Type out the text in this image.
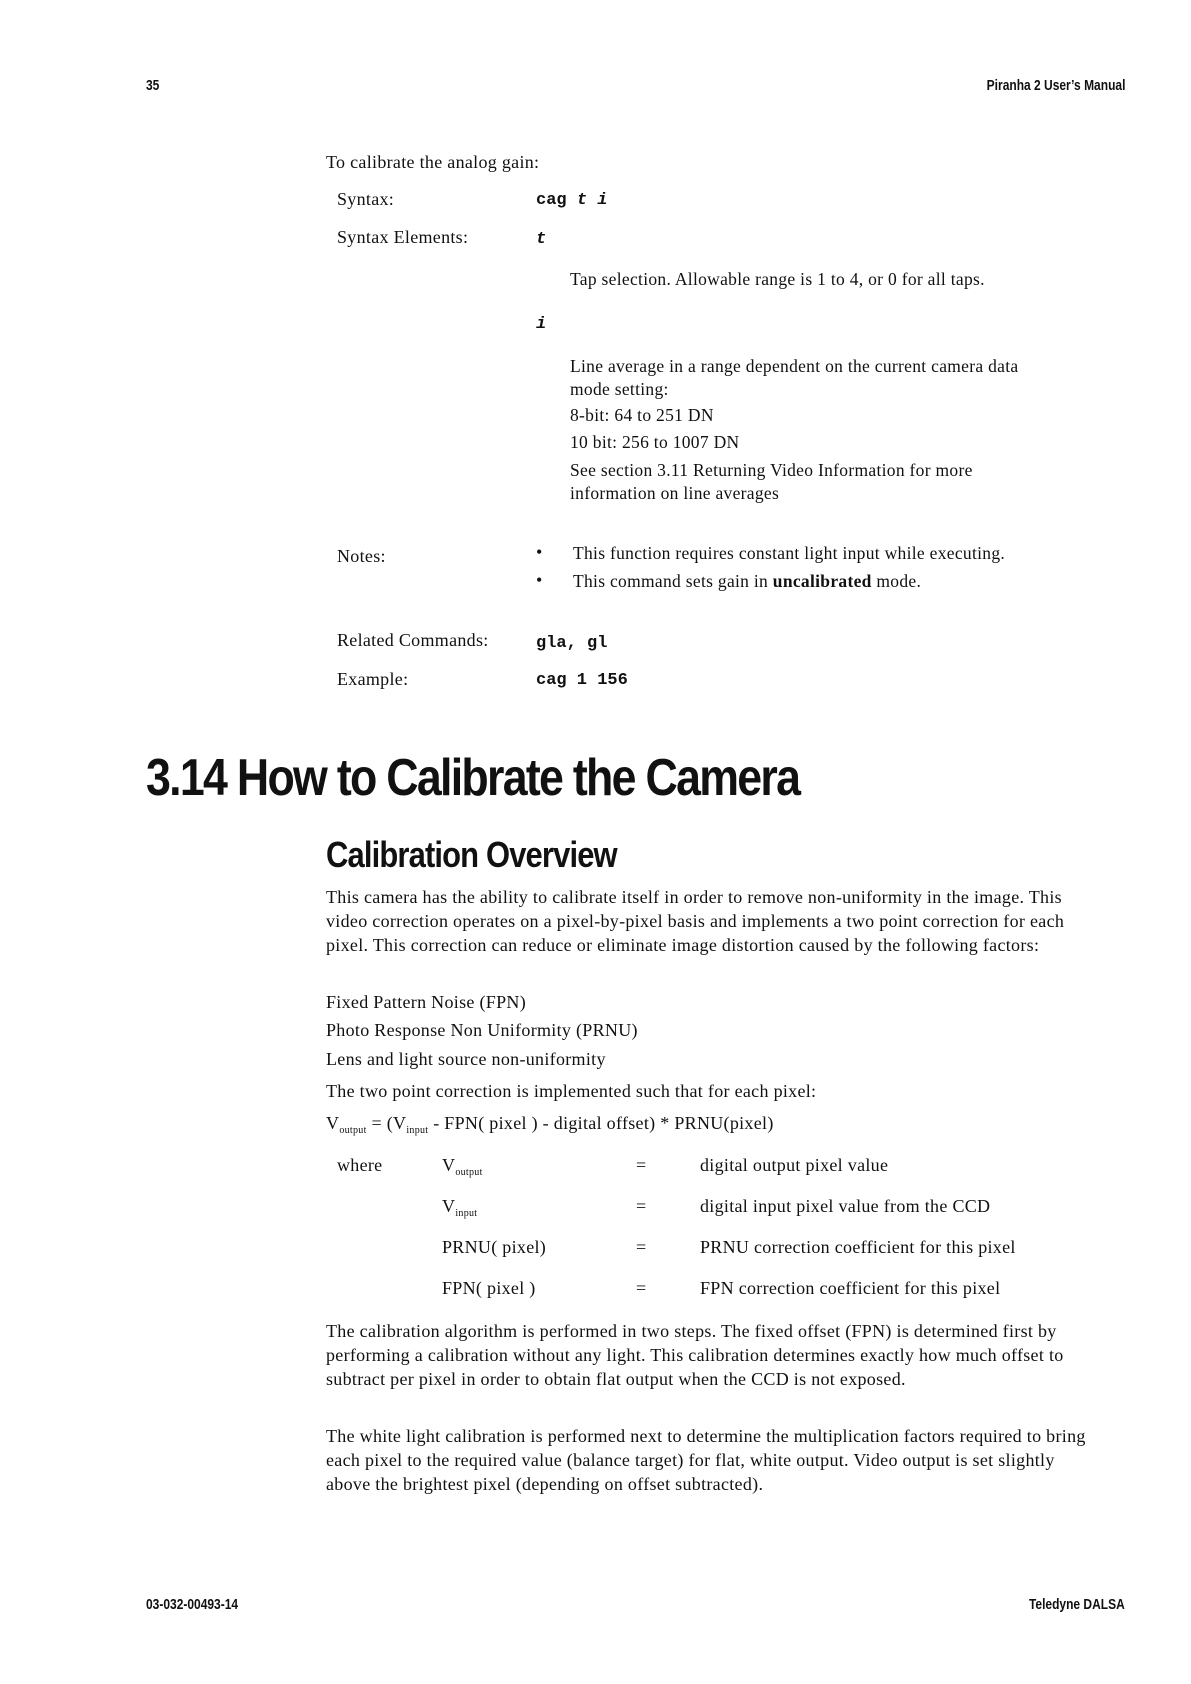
35	Piranha 2 User’s Manual
To calibrate the analog gain:
Syntax:	cag t i
Syntax Elements:	t
Tap selection. Allowable range is 1 to 4, or 0 for all taps.
i
Line average in a range dependent on the current camera data mode setting:
8-bit: 64 to 251 DN
10 bit: 256 to 1007 DN
See section 3.11 Returning Video Information for more information on line averages
Notes:	• This function requires constant light input while executing.
• This command sets gain in uncalibrated mode.
Related Commands:	gla, gl
Example:	cag 1 156
3.14 How to Calibrate the Camera
Calibration Overview

This camera has the ability to calibrate itself in order to remove non-uniformity in the image. This video correction operates on a pixel-by-pixel basis and implements a two point correction for each pixel. This correction can reduce or eliminate image distortion caused by the following factors:

Fixed Pattern Noise (FPN)
Photo Response Non Uniformity (PRNU)
Lens and light source non-uniformity
The two point correction is implemented such that for each pixel:
$V_{output} = (V_{input} - FPN$( pixel ) - digital offset) * PRNU(pixel)
where	$V_{output}$	=	digital output pixel value
$V_{input}$	=	digital input pixel value from the CCD
PRNU( pixel)	=	PRNU correction coefficient for this pixel
FPN( pixel )	=	FPN correction coefficient for this pixel

The calibration algorithm is performed in two steps. The fixed offset (FPN) is determined first by performing a calibration without any light. This calibration determines exactly how much offset to subtract per pixel in order to obtain flat output when the CCD is not exposed.

The white light calibration is performed next to determine the multiplication factors required to bring each pixel to the required value (balance target) for flat, white output. Video output is set slightly above the brightest pixel (depending on offset subtracted).

03-032-00493-14	Teledyne DALSA
